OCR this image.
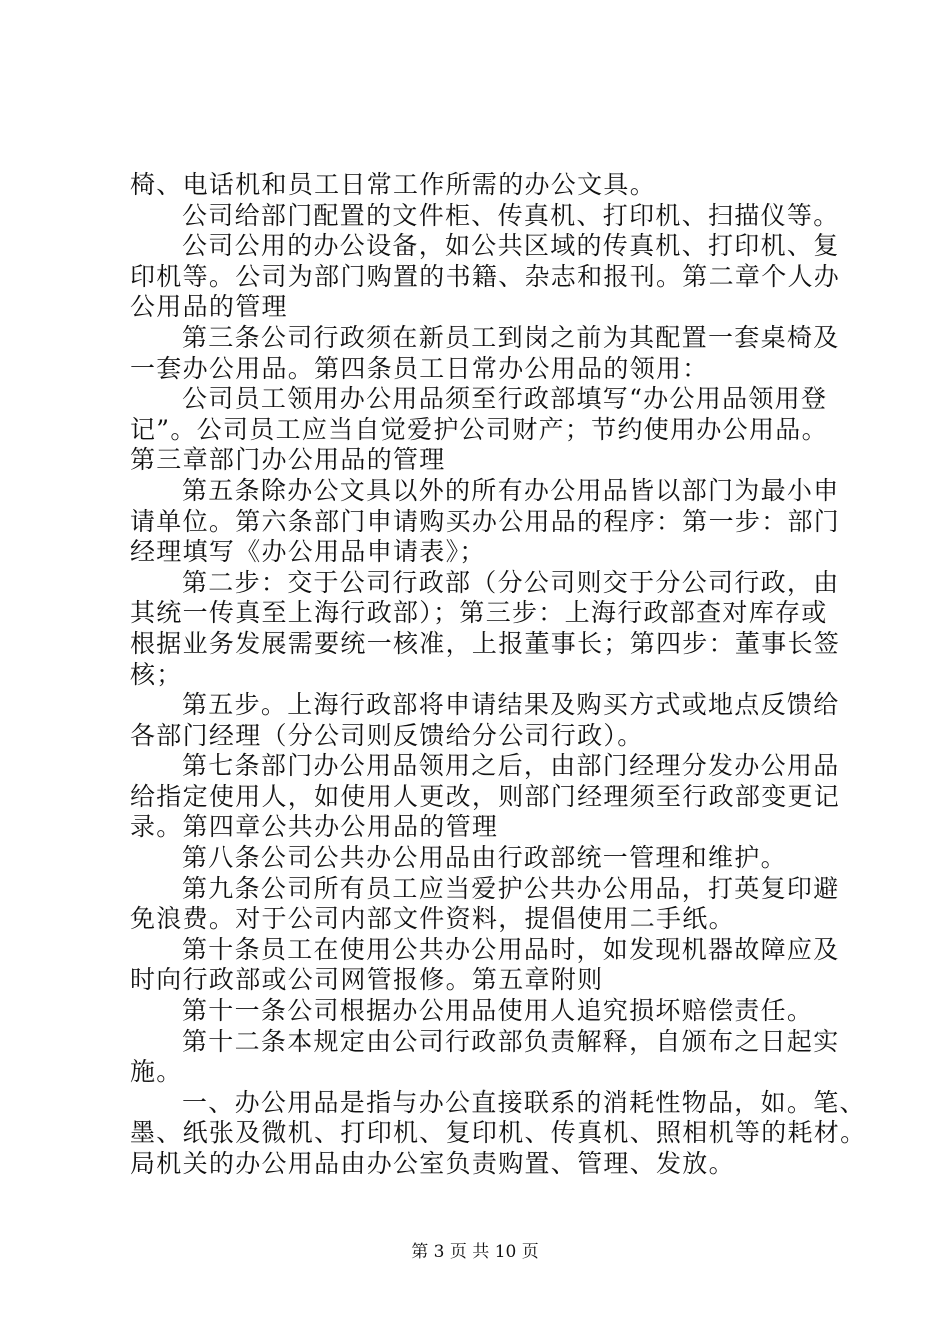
椅、电话机和员工日常工作所需的办公文具。
公司给部门配置的文件柜、传真机、打印机、扫描仪等。
公司公用的办公设备，如公共区域的传真机、打印机、复
印机等。公司为部门购置的书籍、杂志和报刊。第二章个人办
公用品的管理
第三条公司行政须在新员工到岗之前为其配置一套桌椅及
一套办公用品。第四条员工日常办公用品的领用：
公司员工领用办公用品须至行政部填写“办公用品领用登
记”。公司员工应当自觉爱护公司财产；节约使用办公用品。
第三章部门办公用品的管理
第五条除办公文具以外的所有办公用品皆以部门为最小申
请单位。第六条部门申请购买办公用品的程序：第一步：部门
经理填写《办公用品申请表》；
第二步：交于公司行政部（分公司则交于分公司行政，由
其统一传真至上海行政部）；第三步：上海行政部查对库存或
根据业务发展需要统一核准，上报董事长；第四步：董事长签
核；
第五步。上海行政部将申请结果及购买方式或地点反馈给
各部门经理（分公司则反馈给分公司行政）。
第七条部门办公用品领用之后，由部门经理分发办公用品
给指定使用人，如使用人更改，则部门经理须至行政部变更记
录。第四章公共办公用品的管理
第八条公司公共办公用品由行政部统一管理和维护。
第九条公司所有员工应当爱护公共办公用品，打英复印避
免浪费。对于公司内部文件资料，提倡使用二手纸。
第十条员工在使用公共办公用品时，如发现机器故障应及
时向行政部或公司网管报修。第五章附则
第十一条公司根据办公用品使用人追究损坏赔偿责任。
第十二条本规定由公司行政部负责解释，自颁布之日起实
施。
一、办公用品是指与办公直接联系的消耗性物品，如。笔、
墨、纸张及微机、打印机、复印机、传真机、照相机等的耗材。
局机关的办公用品由办公室负责购置、管理、发放。
第 3 页 共 10 页
